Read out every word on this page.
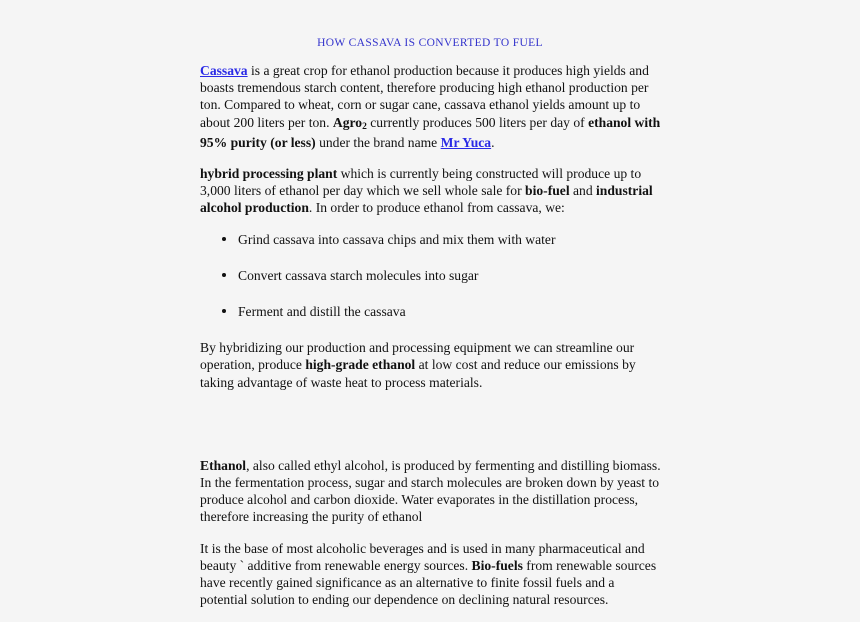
HOW CASSAVA IS CONVERTED TO FUEL

Cassava is a great crop for ethanol production because it produces high yields and boasts tremendous starch content, therefore producing high ethanol production per ton. Compared to wheat, corn or sugar cane, cassava ethanol yields amount up to about 200 liters per ton. Agro$_2$ currently produces 500 liters per day of ethanol with 95% purity (or less) under the brand name Mr Yuca.

hybrid processing plant which is currently being constructed will produce up to 3,000 liters of ethanol per day which we sell whole sale for bio-fuel and industrial alcohol production. In order to produce ethanol from cassava, we:

Grind cassava into cassava chips and mix them with water
Convert cassava starch molecules into sugar
Ferment and distill the cassava

By hybridizing our production and processing equipment we can streamline our operation, produce high-grade ethanol at low cost and reduce our emissions by taking advantage of waste heat to process materials.

Ethanol, also called ethyl alcohol, is produced by fermenting and distilling biomass. In the fermentation process, sugar and starch molecules are broken down by yeast to produce alcohol and carbon dioxide. Water evaporates in the distillation process, therefore increasing the purity of ethanol

It is the base of most alcoholic beverages and is used in many pharmaceutical and beauty ` additive from renewable energy sources. Bio-fuels from renewable sources have recently gained significance as an alternative to finite fossil fuels and a potential solution to ending our dependence on declining natural resources.
